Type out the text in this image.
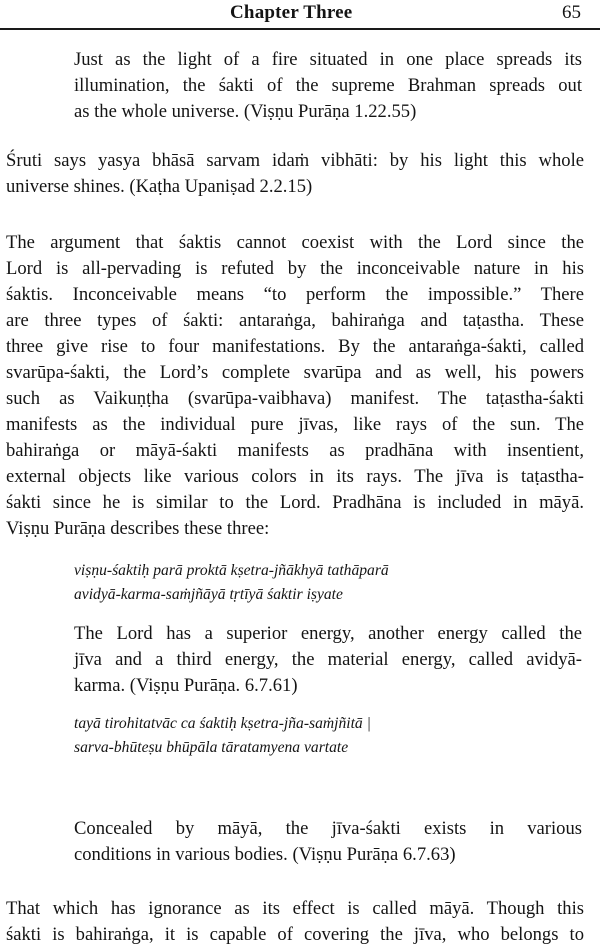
Chapter Three	65

Just as the light of a fire situated in one place spreads its

illumination, the śakti of the supreme Brahman spreads out

as the whole universe. (Viṣṇu Purāṇa 1.22.55)

Śruti says yasya bhāsā sarvam idaṁ vibhāti: by his light this whole

universe shines. (Kaṭha Upaniṣad 2.2.15)

The argument that śaktis cannot coexist with the Lord since the

Lord is all-pervading is refuted by the inconceivable nature in his

śaktis. Inconceivable means “to perform the impossible.” There

are three types of śakti: antaraṅga, bahiraṅga and taṭastha. These

three give rise to four manifestations. By the antaraṅga-śakti, called

svarūpa-śakti, the Lord’s complete svarūpa and as well, his powers

such as Vaikuṇṭha (svarūpa-vaibhava) manifest. The taṭastha-śakti

manifests as the individual pure jīvas, like rays of the sun. The

bahiraṅga or māyā-śakti manifests as pradhāna with insentient,

external objects like various colors in its rays. The jīva is taṭastha-

śakti since he is similar to the Lord. Pradhāna is included in māyā.

Viṣṇu Purāṇa describes these three:

viṣṇu-śaktiḥ parā proktā kṣetra-jñākhyā tathāparā
avidyā-karma-saṁjñāyā tṛtīyā śaktir iṣyate

The Lord has a superior energy, another energy called the

jīva and a third energy, the material energy, called avidyā-

karma. (Viṣṇu Purāṇa. 6.7.61)

tayā tirohitatvāc ca śaktiḥ kṣetra-jña-saṁjñitā |
sarva-bhūteṣu bhūpāla tāratamyena vartate

Concealed by māyā, the jīva-śakti exists in various

conditions in various bodies. (Viṣṇu Purāṇa 6.7.63)

That which has ignorance as its effect is called māyā. Though this

śakti is bahiraṅga, it is capable of covering the jīva, who belongs to
